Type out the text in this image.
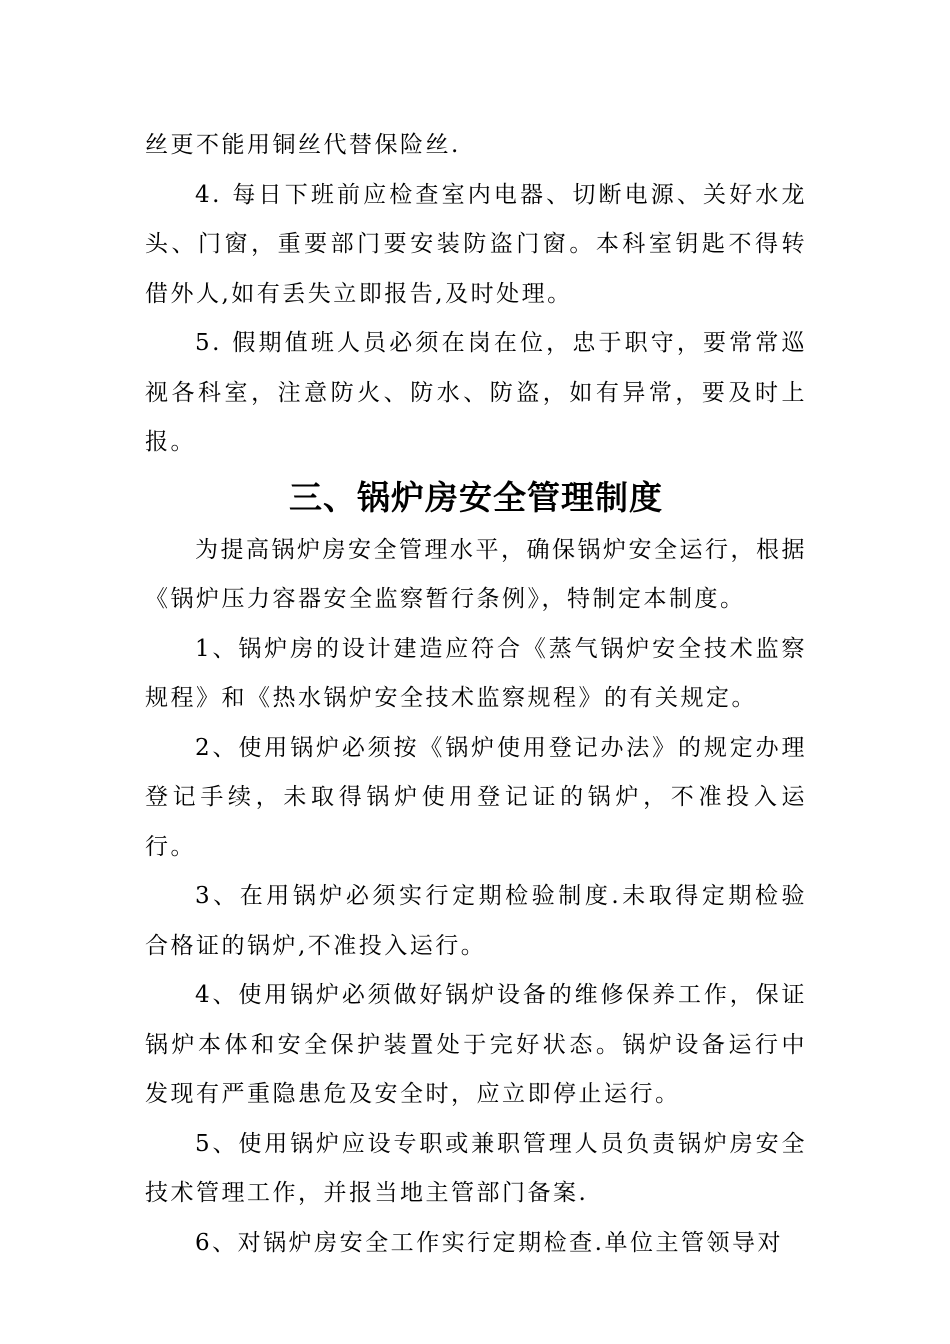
丝更不能用铜丝代替保险丝.

4. 每日下班前应检查室内电器、切断电源、关好水龙头、门窗，重要部门要安装防盗门窗。本科室钥匙不得转借外人,如有丢失立即报告,及时处理。

5. 假期值班人员必须在岗在位，忠于职守，要常常巡视各科室，注意防火、防水、防盗，如有异常，要及时上报。

三、锅炉房安全管理制度

为提高锅炉房安全管理水平，确保锅炉安全运行，根据《锅炉压力容器安全监察暂行条例》，特制定本制度。

1、锅炉房的设计建造应符合《蒸气锅炉安全技术监察规程》和《热水锅炉安全技术监察规程》的有关规定。

2、使用锅炉必须按《锅炉使用登记办法》的规定办理登记手续，未取得锅炉使用登记证的锅炉，不准投入运行。

3、在用锅炉必须实行定期检验制度.未取得定期检验合格证的锅炉,不准投入运行。

4、使用锅炉必须做好锅炉设备的维修保养工作，保证锅炉本体和安全保护装置处于完好状态。锅炉设备运行中发现有严重隐患危及安全时，应立即停止运行。

5、使用锅炉应设专职或兼职管理人员负责锅炉房安全技术管理工作，并报当地主管部门备案.

6、对锅炉房安全工作实行定期检查.单位主管领导对
